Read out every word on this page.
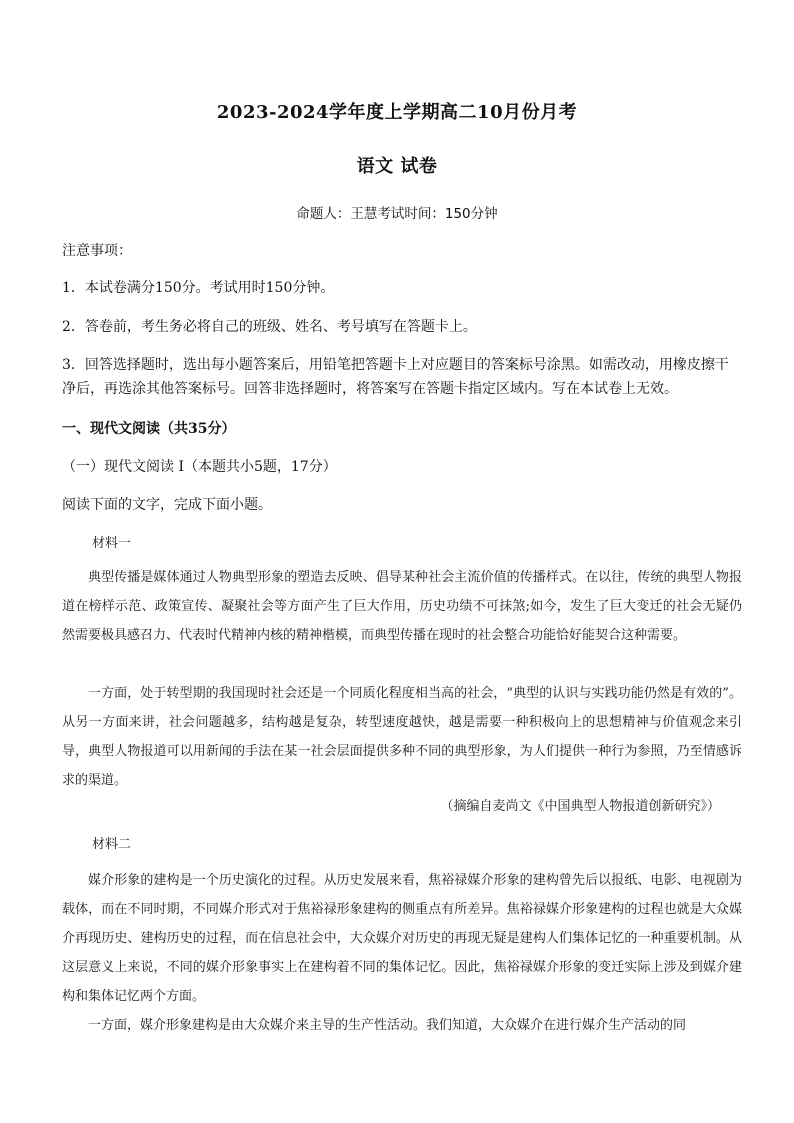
2023-2024学年度上学期高二10月份月考
语文 试卷
命题人：王慧考试时间：150分钟
注意事项：
1．本试卷满分150分。考试用时150分钟。
2．答卷前，考生务必将自己的班级、姓名、考号填写在答题卡上。
3．回答选择题时，选出每小题答案后，用铅笔把答题卡上对应题目的答案标号涂黑。如需改动，用橡皮擦干
净后，再选涂其他答案标号。回答非选择题时，将答案写在答题卡指定区域内。写在本试卷上无效。
一、现代文阅读（共35分）
（一）现代文阅读 I（本题共小5题，17分）
阅读下面的文字，完成下面小题。
材料一
典型传播是媒体通过人物典型形象的塑造去反映、倡导某种社会主流价值的传播样式。在以往，传统的典型人物报道在榜样示范、政策宣传、凝聚社会等方面产生了巨大作用，历史功绩不可抹煞;如今，发生了巨大变迁的社会无疑仍然需要极具感召力、代表时代精神内核的精神楷模，而典型传播在现时的社会整合功能恰好能契合这种需要。
一方面，处于转型期的我国现时社会还是一个同质化程度相当高的社会，“典型的认识与实践功能仍然是有效的”。从另一方面来讲，社会问题越多，结构越是复杂，转型速度越快，越是需要一种积极向上的思想精神与价值观念来引导，典型人物报道可以用新闻的手法在某一社会层面提供多种不同的典型形象，为人们提供一种行为参照，乃至情感诉求的渠道。
（摘编自麦尚文《中国典型人物报道创新研究》）
材料二
媒介形象的建构是一个历史演化的过程。从历史发展来看，焦裕禄媒介形象的建构曾先后以报纸、电影、电视剧为载体，而在不同时期，不同媒介形式对于焦裕禄形象建构的侧重点有所差异。焦裕禄媒介形象建构的过程也就是大众媒介再现历史、建构历史的过程，而在信息社会中，大众媒介对历史的再现无疑是建构人们集体记忆的一种重要机制。从这层意义上来说，不同的媒介形象事实上在建构着不同的集体记忆。因此，焦裕禄媒介形象的变迁实际上涉及到媒介建构和集体记忆两个方面。
一方面，媒介形象建构是由大众媒介来主导的生产性活动。我们知道，大众媒介在进行媒介生产活动的同
